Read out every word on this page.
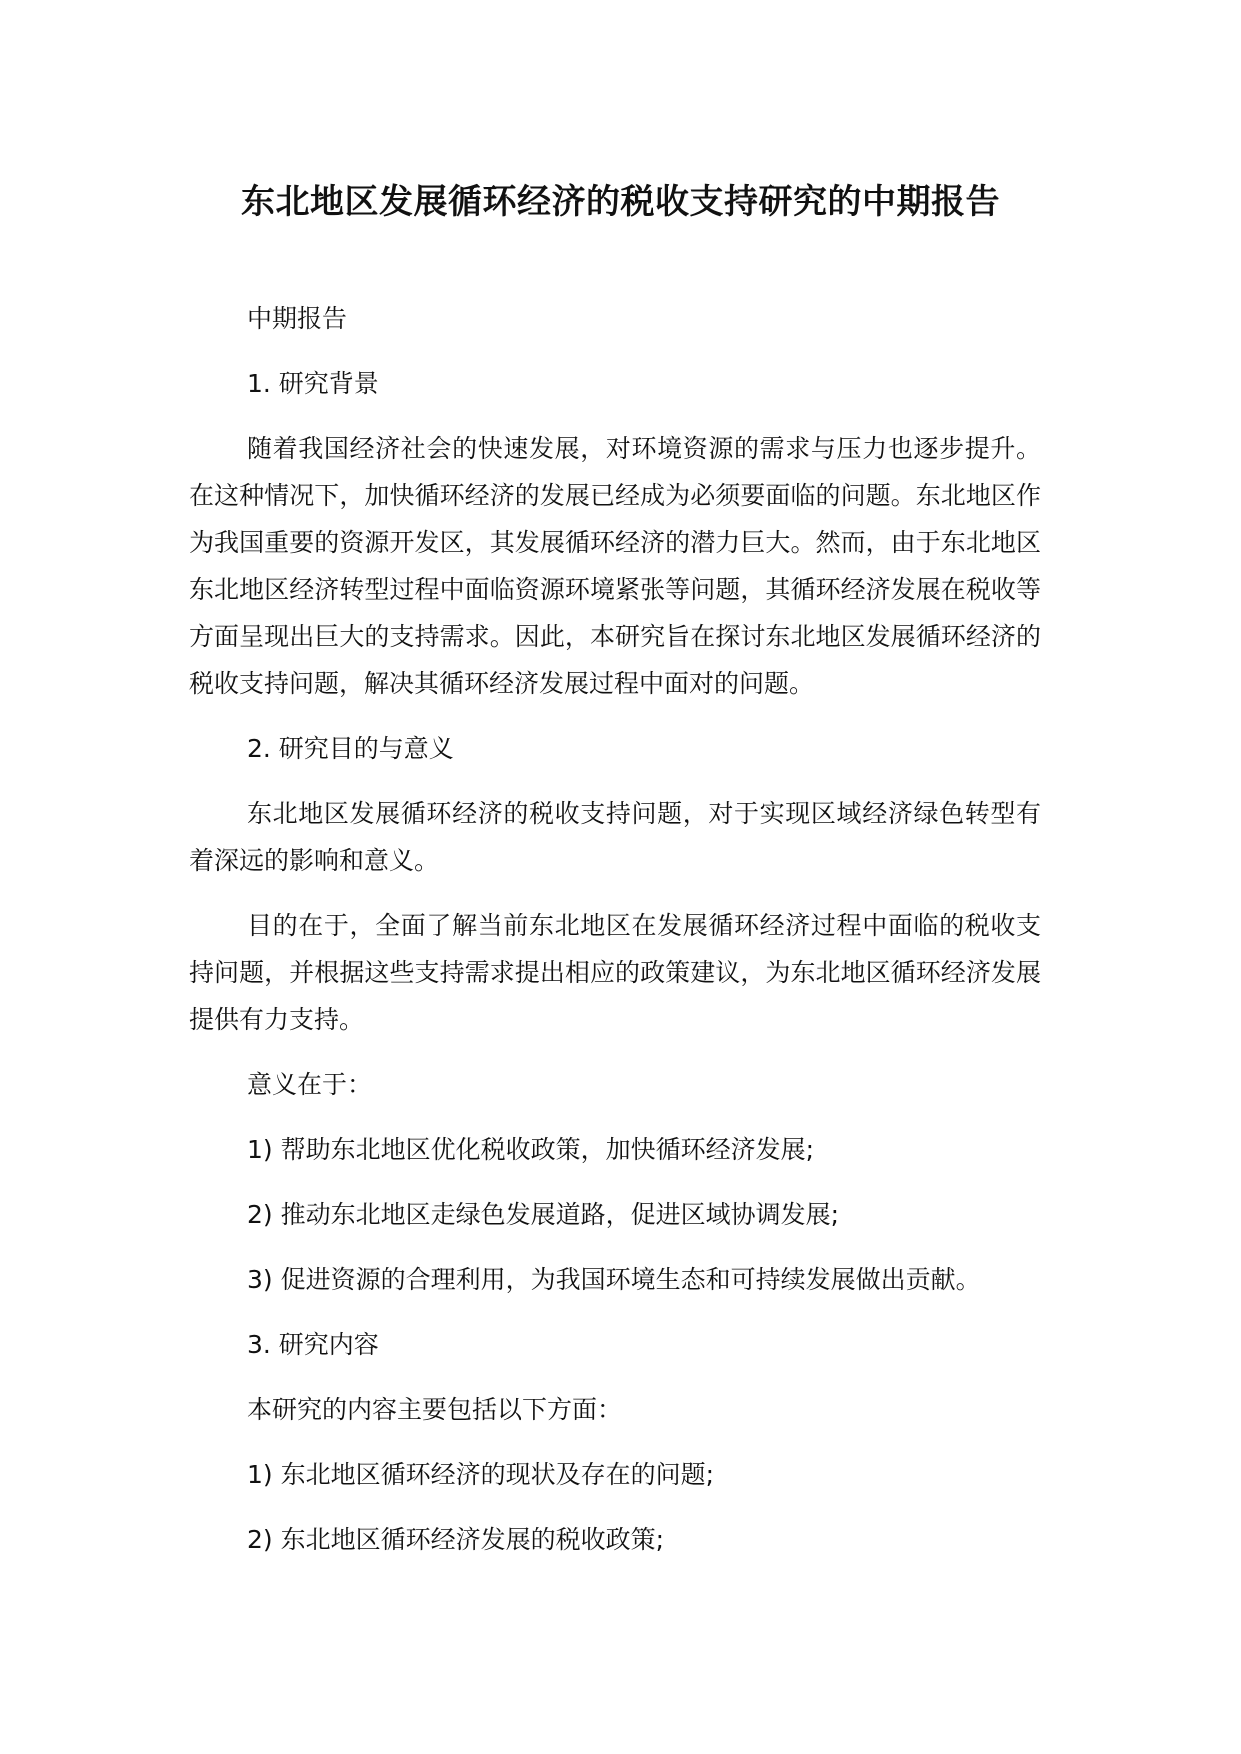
东北地区发展循环经济的税收支持研究的中期报告

中期报告

1. 研究背景

随着我国经济社会的快速发展，对环境资源的需求与压力也逐步提升。在这种情况下，加快循环经济的发展已经成为必须要面临的问题。东北地区作为我国重要的资源开发区，其发展循环经济的潜力巨大。然而，由于东北地区东北地区经济转型过程中面临资源环境紧张等问题，其循环经济发展在税收等方面呈现出巨大的支持需求。因此，本研究旨在探讨东北地区发展循环经济的税收支持问题，解决其循环经济发展过程中面对的问题。

2. 研究目的与意义

东北地区发展循环经济的税收支持问题，对于实现区域经济绿色转型有着深远的影响和意义。

目的在于，全面了解当前东北地区在发展循环经济过程中面临的税收支持问题，并根据这些支持需求提出相应的政策建议，为东北地区循环经济发展提供有力支持。

意义在于：

1) 帮助东北地区优化税收政策，加快循环经济发展;

2) 推动东北地区走绿色发展道路，促进区域协调发展;

3) 促进资源的合理利用，为我国环境生态和可持续发展做出贡献。

3. 研究内容

本研究的内容主要包括以下方面：

1) 东北地区循环经济的现状及存在的问题;

2) 东北地区循环经济发展的税收政策;
